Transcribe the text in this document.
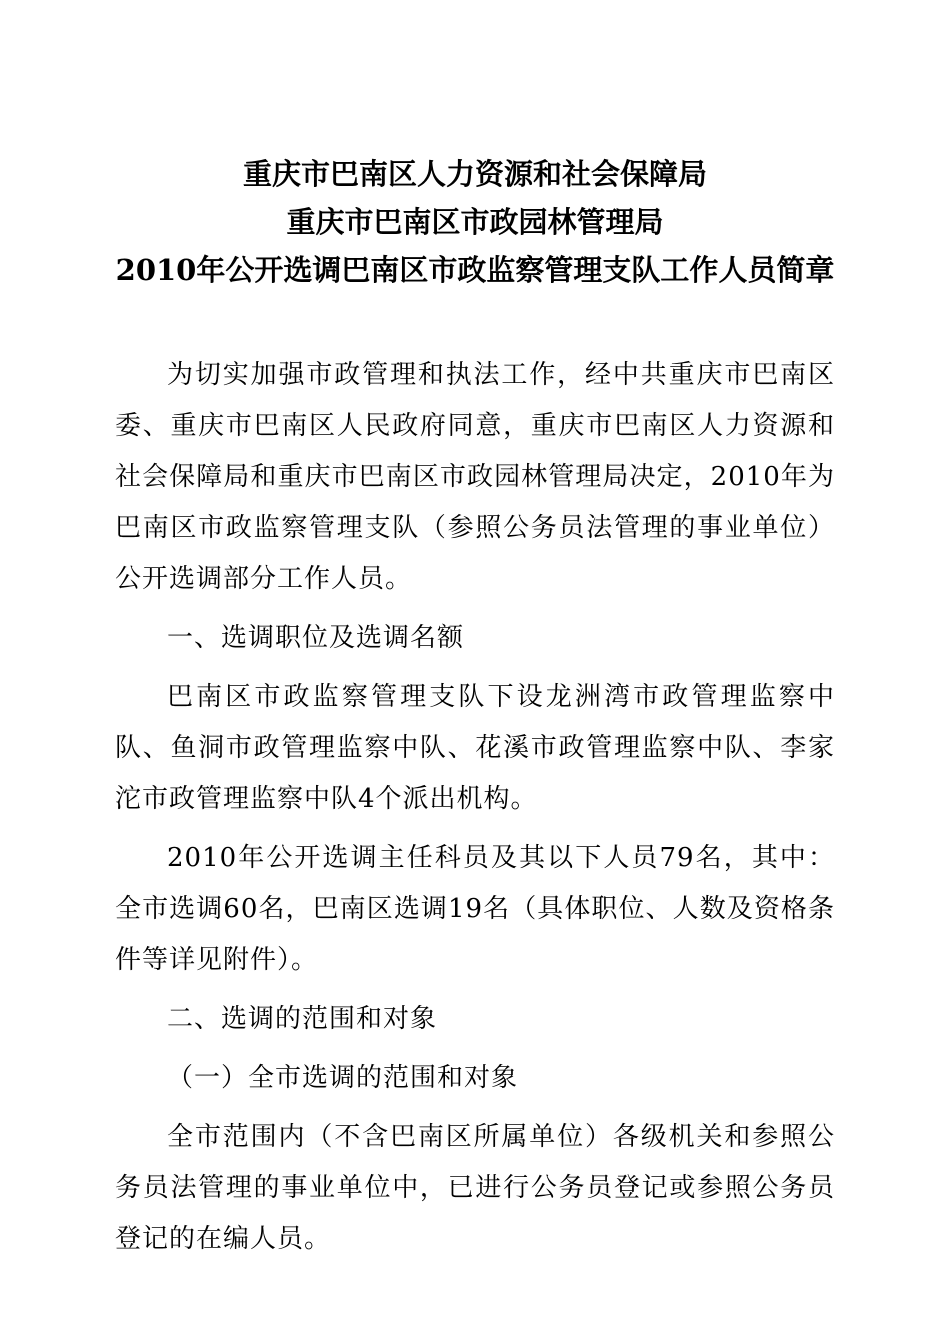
重庆市巴南区人力资源和社会保障局
重庆市巴南区市政园林管理局
2010年公开选调巴南区市政监察管理支队工作人员简章

为切实加强市政管理和执法工作，经中共重庆市巴南区委、重庆市巴南区人民政府同意，重庆市巴南区人力资源和社会保障局和重庆市巴南区市政园林管理局决定，2010年为巴南区市政监察管理支队（参照公务员法管理的事业单位）公开选调部分工作人员。

一、选调职位及选调名额

巴南区市政监察管理支队下设龙洲湾市政管理监察中队、鱼洞市政管理监察中队、花溪市政管理监察中队、李家沱市政管理监察中队4个派出机构。

2010年公开选调主任科员及其以下人员79名，其中：全市选调60名，巴南区选调19名（具体职位、人数及资格条件等详见附件）。

二、选调的范围和对象

（一）全市选调的范围和对象

全市范围内（不含巴南区所属单位）各级机关和参照公务员法管理的事业单位中，已进行公务员登记或参照公务员登记的在编人员。
